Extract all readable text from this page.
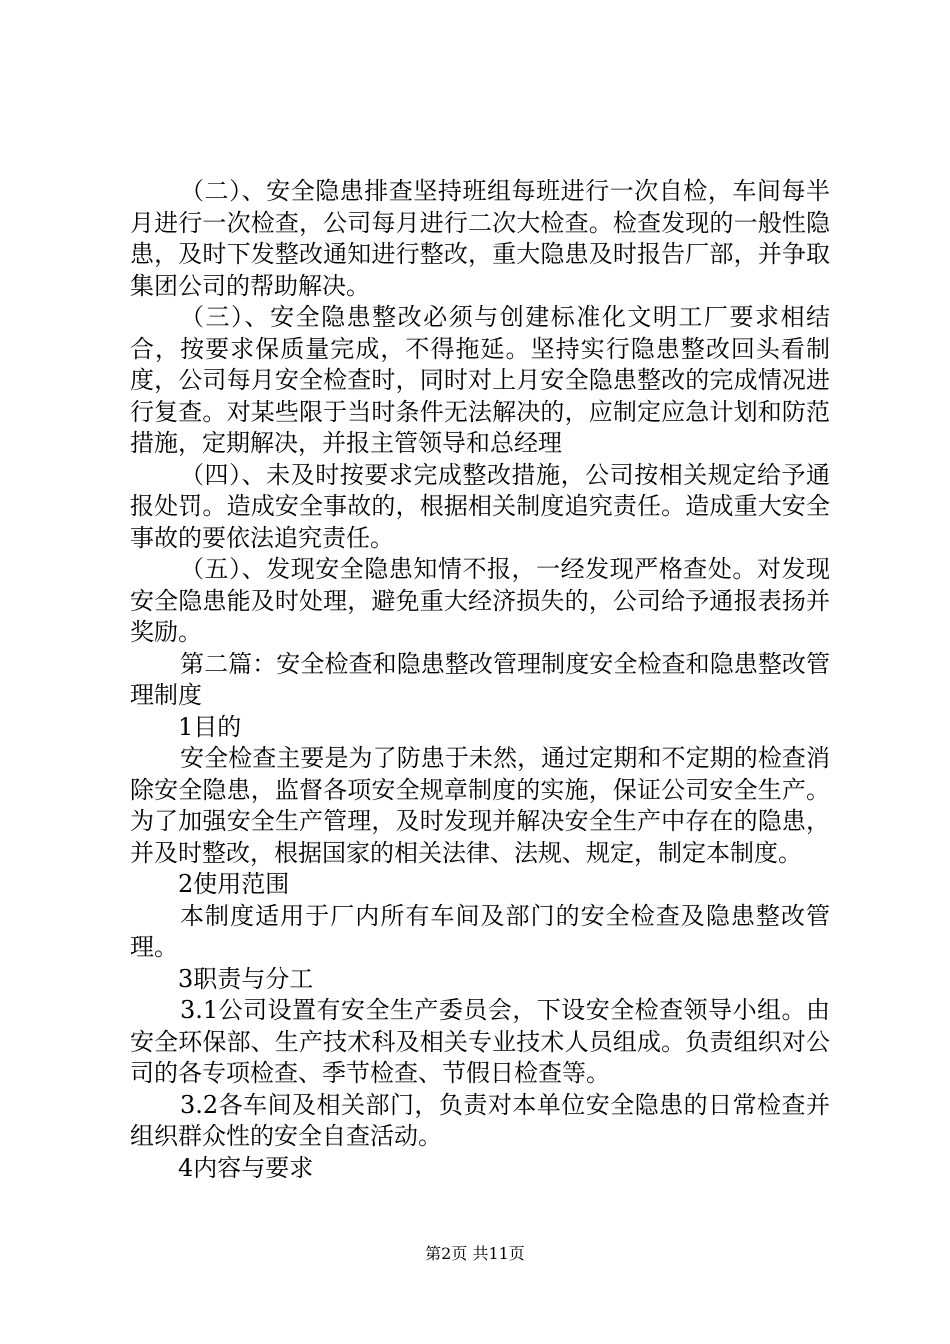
（二）、安全隐患排查坚持班组每班进行一次自检，车间每半月进行一次检查，公司每月进行二次大检查。检查发现的一般性隐患，及时下发整改通知进行整改，重大隐患及时报告厂部，并争取集团公司的帮助解决。

（三）、安全隐患整改必须与创建标准化文明工厂要求相结合，按要求保质量完成，不得拖延。坚持实行隐患整改回头看制度，公司每月安全检查时，同时对上月安全隐患整改的完成情况进行复查。对某些限于当时条件无法解决的，应制定应急计划和防范措施，定期解决，并报主管领导和总经理

（四）、未及时按要求完成整改措施，公司按相关规定给予通报处罚。造成安全事故的，根据相关制度追究责任。造成重大安全事故的要依法追究责任。

（五）、发现安全隐患知情不报，一经发现严格查处。对发现安全隐患能及时处理，避免重大经济损失的，公司给予通报表扬并奖励。

第二篇：安全检查和隐患整改管理制度安全检查和隐患整改管理制度

1目的

安全检查主要是为了防患于未然，通过定期和不定期的检查消除安全隐患，监督各项安全规章制度的实施，保证公司安全生产。为了加强安全生产管理，及时发现并解决安全生产中存在的隐患，并及时整改，根据国家的相关法律、法规、规定，制定本制度。

2使用范围

本制度适用于厂内所有车间及部门的安全检查及隐患整改管理。

3职责与分工

3.1公司设置有安全生产委员会，下设安全检查领导小组。由安全环保部、生产技术科及相关专业技术人员组成。负责组织对公司的各专项检查、季节检查、节假日检查等。

3.2各车间及相关部门，负责对本单位安全隐患的日常检查并组织群众性的安全自查活动。

4内容与要求

第2页 共11页
